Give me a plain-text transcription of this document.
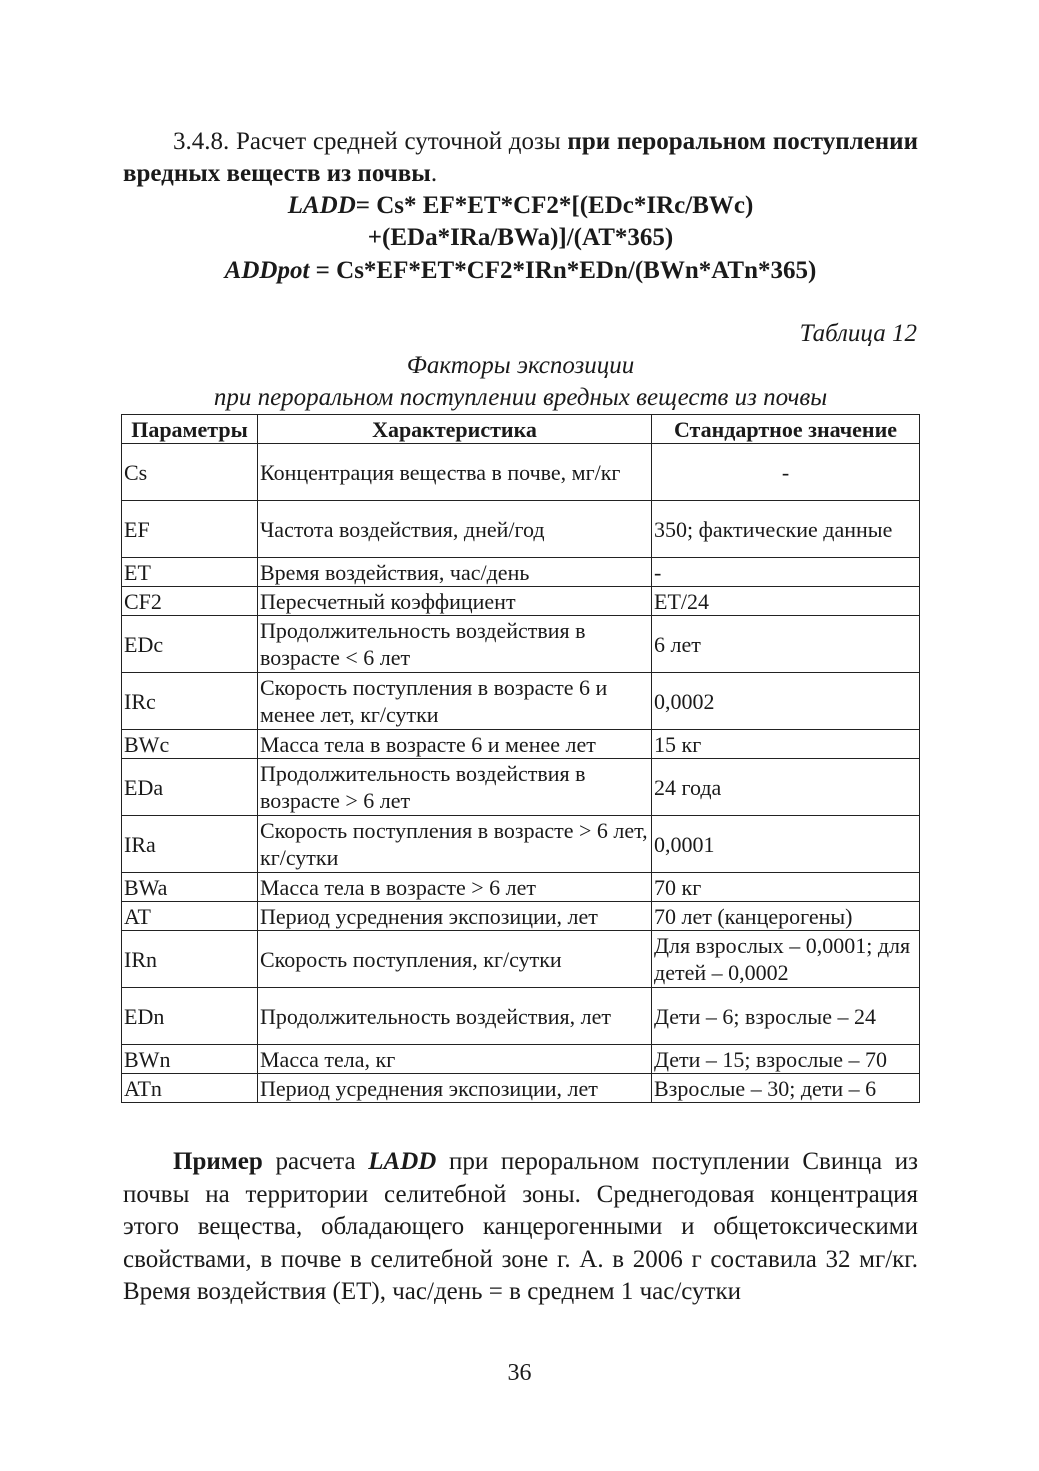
3.4.8. Расчет средней суточной дозы при пероральном поступлении вредных веществ из почвы.

LADD= Cs* EF*ET*CF2*[(EDc*IRc/BWc)

+(EDa*IRa/BWa)]/(AT*365)

ADDpot = Cs*EF*ET*CF2*IRn*EDn/(BWn*ATn*365)

Таблица 12
Факторы экспозиции
при пероральном поступлении вредных веществ из почвы
Параметры	Характеристика	Стандартное значение
Cs	Концентрация вещества в почве, мг/кг	-
EF	Частота воздействия, дней/год	350; фактические данные
ET	Время воздействия, час/день	-
CF2	Пересчетный коэффициент	ET/24
EDc	Продолжительность воздействия в возрасте < 6 лет	6 лет
IRc	Скорость поступления в возрасте 6 и менее лет, кг/сутки	0,0002
BWc	Масса тела в возрасте 6 и менее лет	15 кг
EDa	Продолжительность воздействия в возрасте > 6 лет	24 года
IRa	Скорость поступления в возрасте > 6 лет, кг/сутки	0,0001
BWa	Масса тела в возрасте > 6 лет	70 кг
AT	Период усреднения экспозиции, лет	70 лет (канцерогены)
IRn	Скорость поступления, кг/сутки	Для взрослых – 0,0001; для детей – 0,0002
EDn	Продолжительность воздействия, лет	Дети – 6; взрослые – 24
BWn	Масса тела, кг	Дети – 15; взрослые – 70
ATn	Период усреднения экспозиции, лет	Взрослые – 30; дети – 6

Пример расчета LADD при пероральном поступлении Свинца из почвы на территории селитебной зоны. Среднегодовая концентрация этого вещества, обладающего канцерогенными и общетоксическими свойствами, в почве в селитебной зоне г. А. в 2006 г составила 32 мг/кг. Время воздействия (ЕТ), час/день = в среднем 1 час/сутки

36
